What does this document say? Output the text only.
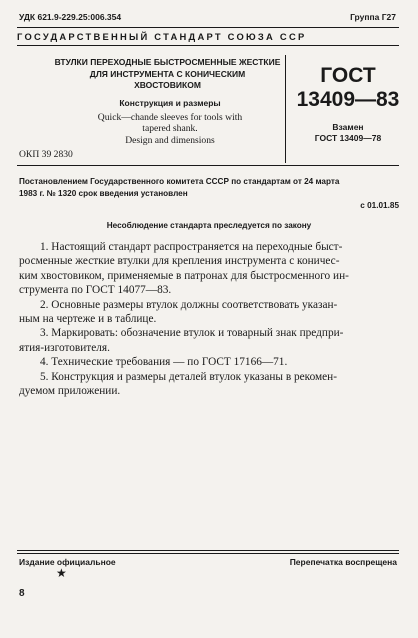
УДК 621.9-229.25:006.354	Группа Г27
ГОСУДАРСТВЕННЫЙ СТАНДАРТ СОЮЗА ССР
ВТУЛКИ ПЕРЕХОДНЫЕ БЫСТРОСМЕННЫЕ ЖЕСТКИЕ
ДЛЯ ИНСТРУМЕНТА С КОНИЧЕСКИМ
ХВОСТОВИКОМ
Конструкция и размеры
Quick—chande sleeves for tools with
tapered shank.
Design and dimensions
ОКП 39 2830
ГОСТ
13409—83
Взамен
ГОСТ 13409—78
Постановлением Государственного комитета СССР по стандартам от 24 марта
1983 г. № 1320 срок введения установлен
с 01.01.85
Несоблюдение стандарта преследуется по закону

1. Настоящий стандарт распространяется на переходные быст-

росменные жесткие втулки для крепления инструмента с коничес-

ким хвостовиком, применяемые в патронах для быстросменного ин-

струмента по ГОСТ 14077—83.

2. Основные размеры втулок должны соответствовать указан-

ным на чертеже и в таблице.

3. Маркировать: обозначение втулок и товарный знак предпри-

ятия-изготовителя.

4. Технические требования — по ГОСТ 17166—71.

5. Конструкция и размеры деталей втулок указаны в рекомен-

дуемом приложении.

Издание официальное	Перепечатка воспрещена
★
8
